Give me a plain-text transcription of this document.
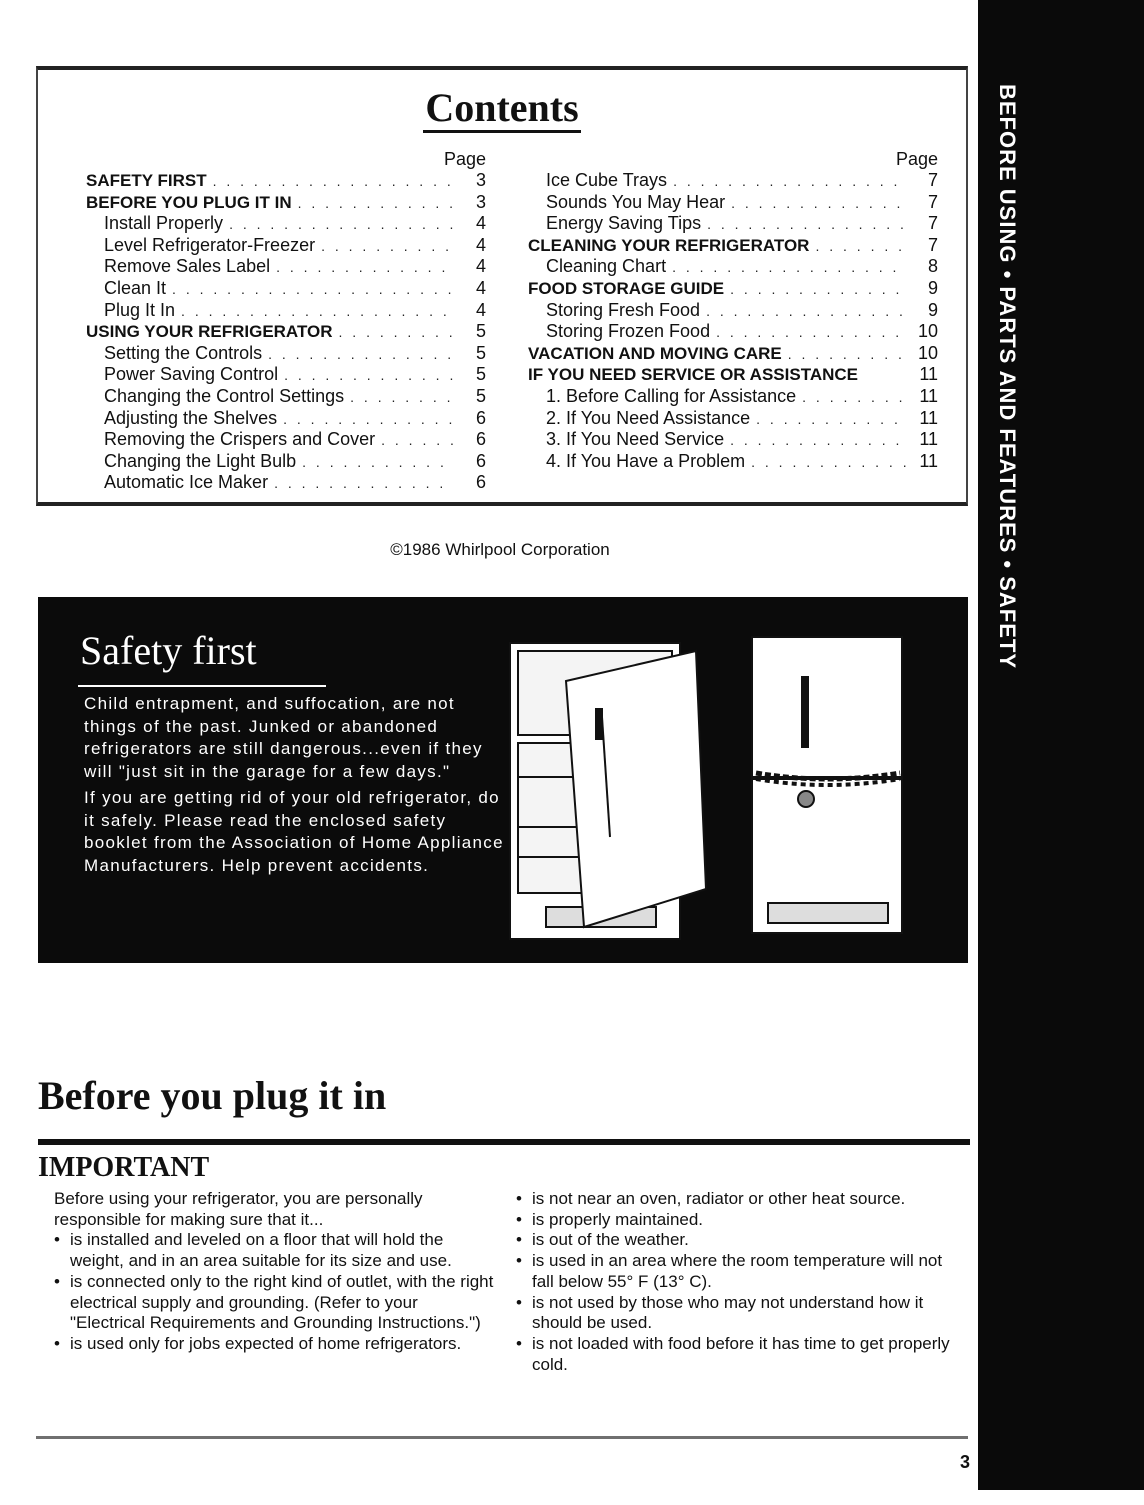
BEFORE USING • PARTS AND FEATURES • SAFETY
Contents
Page
SAFETY FIRST . . .	3
BEFORE YOU PLUG IT IN . . .	3
Install Properly . . .	4
Level Refrigerator-Freezer . . .	4
Remove Sales Label . . .	4
Clean It . . .	4
Plug It In . . .	4
USING YOUR REFRIGERATOR . . .	5
Setting the Controls . . .	5
Power Saving Control . . .	5
Changing the Control Settings . . .	5
Adjusting the Shelves . . .	6
Removing the Crispers and Cover . . .	6
Changing the Light Bulb . . .	6
Automatic Ice Maker . . .	6
Page
Ice Cube Trays . . .	7
Sounds You May Hear . . .	7
Energy Saving Tips . . .	7
CLEANING YOUR REFRIGERATOR . . .	7
Cleaning Chart . . .	8
FOOD STORAGE GUIDE . . .	9
Storing Fresh Food . . .	9
Storing Frozen Food . . .	10
VACATION AND MOVING CARE . . .	10
IF YOU NEED SERVICE OR ASSISTANCE	11
1. Before Calling for Assistance . . .	11
2. If You Need Assistance . . .	11
3. If You Need Service . . .	11
4. If You Have a Problem . . .	11
©1986 Whirlpool Corporation
Safety first

Child entrapment, and suffocation, are not things of the past. Junked or abandoned refrigerators are still dangerous...even if they will "just sit in the garage for a few days."

If you are getting rid of your old refrigerator, do it safely. Please read the enclosed safety booklet from the Association of Home Appliance Manufacturers. Help prevent accidents.

Before you plug it in
IMPORTANT

Before using your refrigerator, you are personally responsible for making sure that it...

• is installed and leveled on a floor that will hold the weight, and in an area suitable for its size and use.

• is connected only to the right kind of outlet, with the right electrical supply and grounding. (Refer to your "Electrical Requirements and Grounding Instructions.")

• is used only for jobs expected of home refrigerators.

• is not near an oven, radiator or other heat source.

• is properly maintained.

• is out of the weather.

• is used in an area where the room temperature will not fall below 55° F (13° C).

• is not used by those who may not understand how it should be used.

• is not loaded with food before it has time to get properly cold.

3
